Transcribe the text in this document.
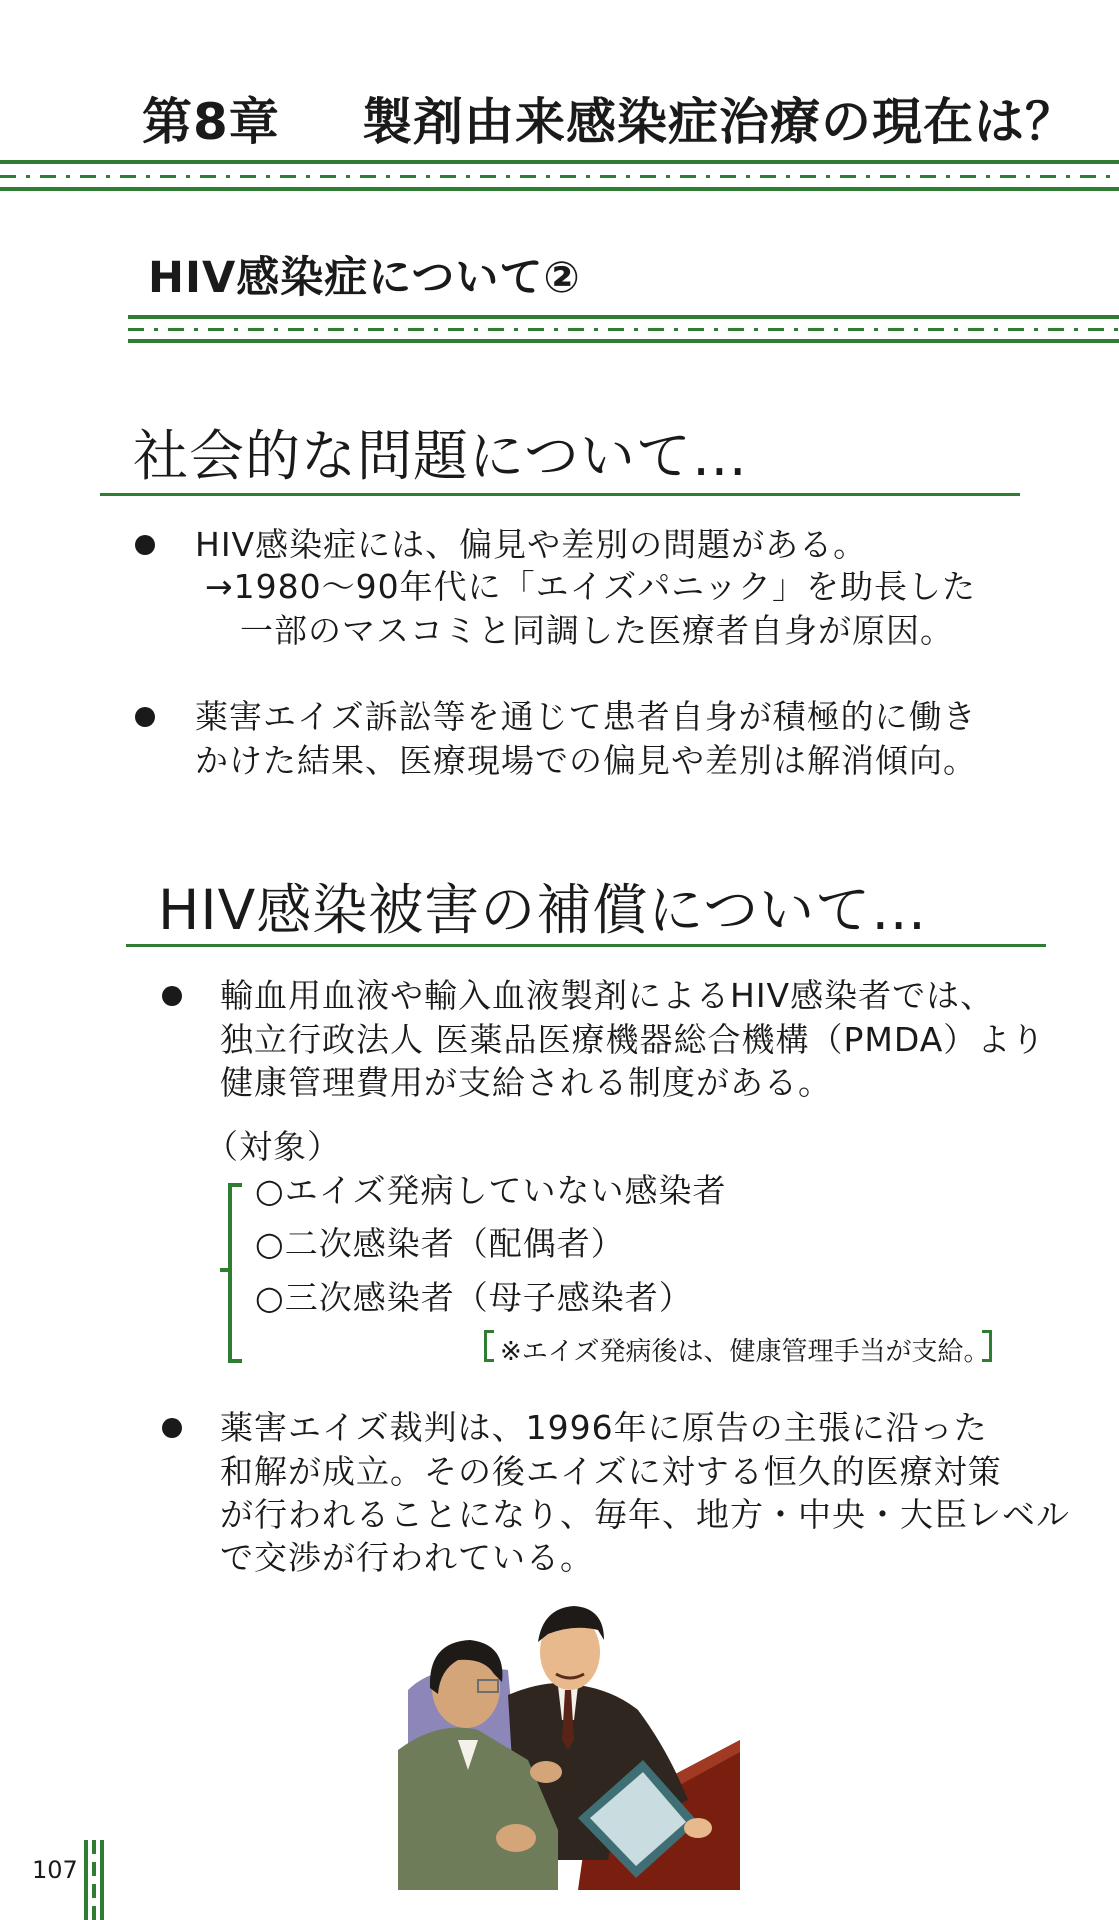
第8章 製剤由来感染症治療の現在は？
HIV感染症について②
社会的な問題について…
HIV感染症には、偏見や差別の問題がある。
→1980〜90年代に「エイズパニック」を助長した
一部のマスコミと同調した医療者自身が原因。
薬害エイズ訴訟等を通じて患者自身が積極的に働き
かけた結果、医療現場での偏見や差別は解消傾向。
HIV感染被害の補償について…
輸血用血液や輸入血液製剤によるHIV感染者では、
独立行政法人 医薬品医療機器総合機構（PMDA）より
健康管理費用が支給される制度がある。
（対象）
○エイズ発病していない感染者
○二次感染者（配偶者）
○三次感染者（母子感染者）
※エイズ発病後は、健康管理手当が支給。
薬害エイズ裁判は、1996年に原告の主張に沿った
和解が成立。その後エイズに対する恒久的医療対策
が行われることになり、毎年、地方・中央・大臣レベル
で交渉が行われている。
107
